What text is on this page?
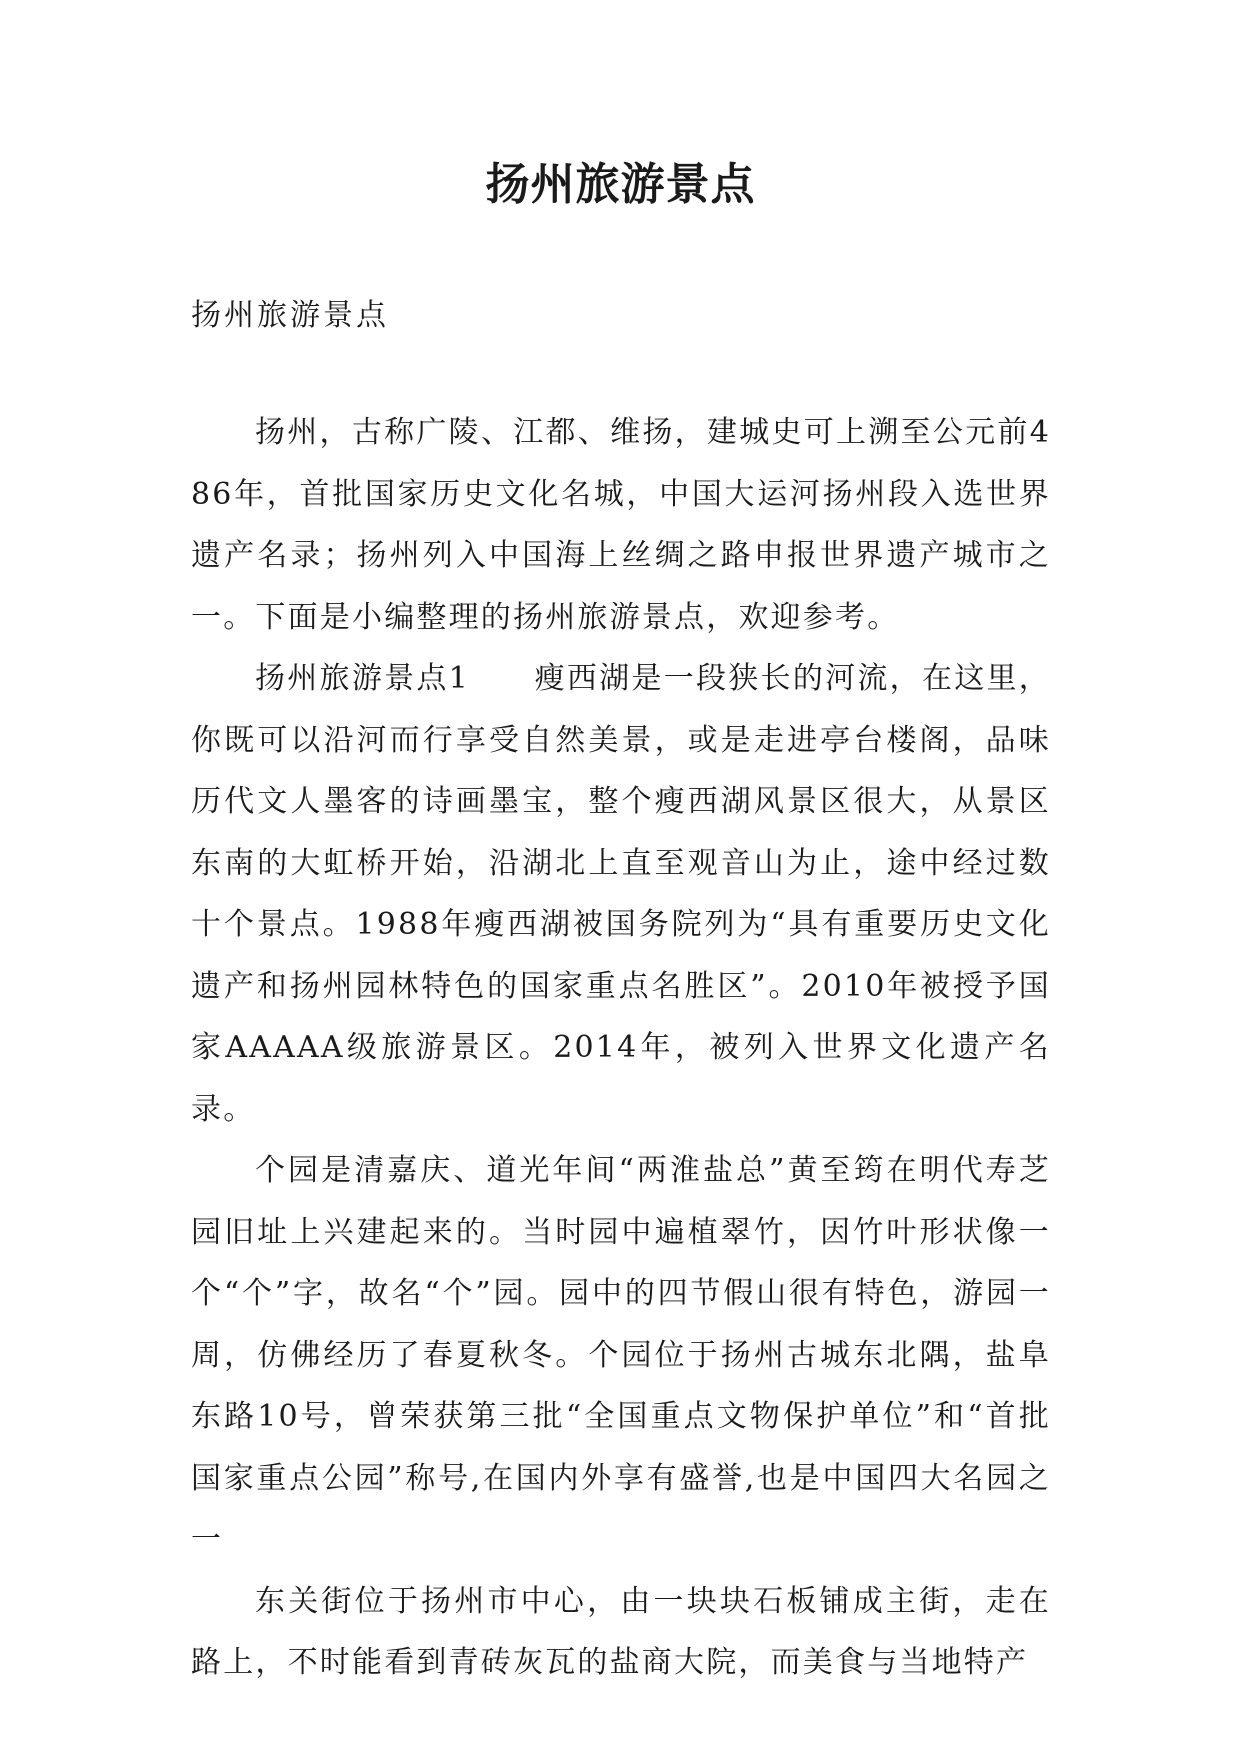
扬州旅游景点

扬州旅游景点

扬州，古称广陵、江都、维扬，建城史可上溯至公元前486年，首批国家历史文化名城，中国大运河扬州段入选世界遗产名录；扬州列入中国海上丝绸之路申报世界遗产城市之一。下面是小编整理的扬州旅游景点，欢迎参考。

扬州旅游景点1　　瘦西湖是一段狭长的河流，在这里，你既可以沿河而行享受自然美景，或是走进亭台楼阁，品味历代文人墨客的诗画墨宝，整个瘦西湖风景区很大，从景区东南的大虹桥开始，沿湖北上直至观音山为止，途中经过数十个景点。1988年瘦西湖被国务院列为“具有重要历史文化遗产和扬州园林特色的国家重点名胜区”。2010年被授予国家AAAAA级旅游景区。2014年，被列入世界文化遗产名录。

个园是清嘉庆、道光年间“两淮盐总”黄至筠在明代寿芝园旧址上兴建起来的。当时园中遍植翠竹，因竹叶形状像一个“个”字，故名“个”园。园中的四节假山很有特色，游园一周，仿佛经历了春夏秋冬。个园位于扬州古城东北隅，盐阜东路10号，曾荣获第三批“全国重点文物保护单位”和“首批国家重点公园”称号,在国内外享有盛誉,也是中国四大名园之一

东关街位于扬州市中心，由一块块石板铺成主街，走在路上，不时能看到青砖灰瓦的盐商大院，而美食与当地特产
